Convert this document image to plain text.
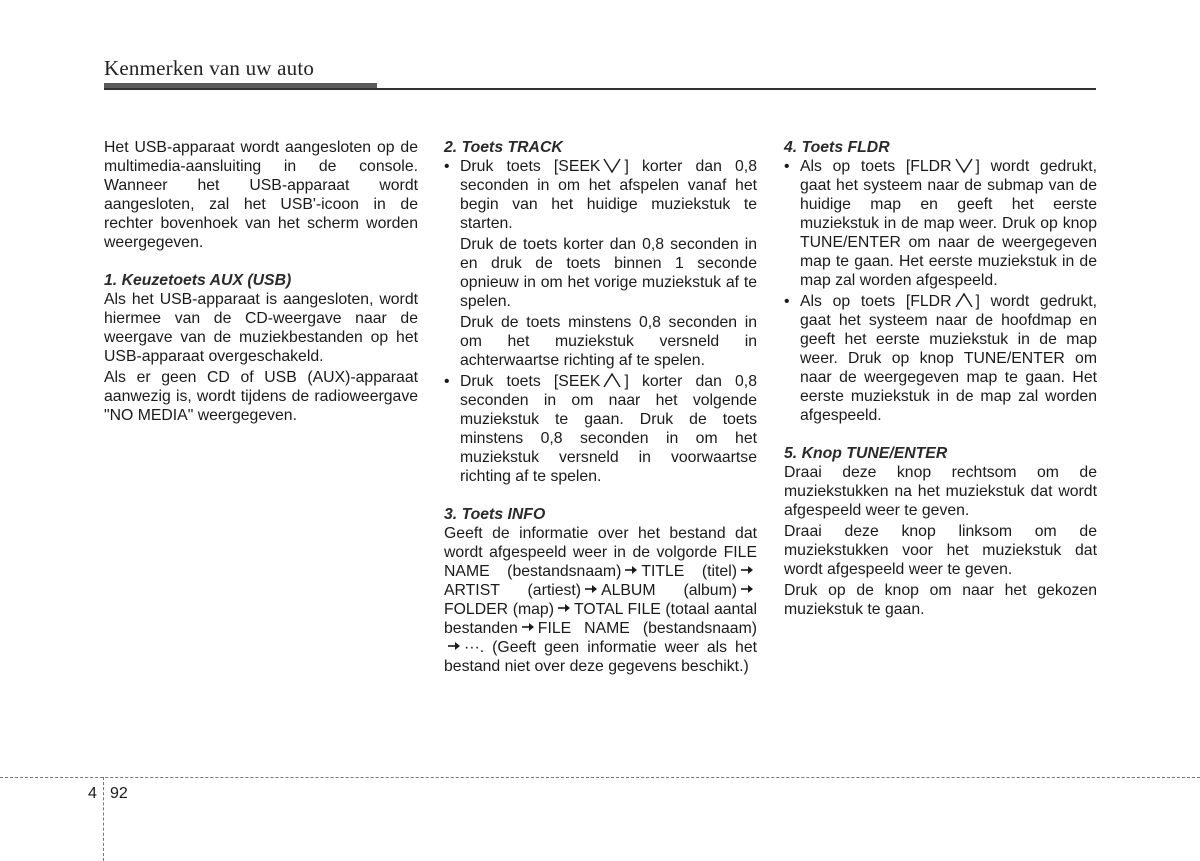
Kenmerken van uw auto

Het USB-apparaat wordt aangesloten op de multimedia-aansluiting in de console. Wanneer het USB-apparaat wordt aangesloten, zal het USB'-icoon in de rechter bovenhoek van het scherm worden weergegeven.

1. Keuzetoets AUX (USB)

Als het USB-apparaat is aangesloten, wordt hiermee van de CD-weergave naar de weergave van de muziekbestanden op het USB-apparaat overgeschakeld.

Als er geen CD of USB (AUX)-apparaat aanwezig is, wordt tijdens de radioweergave "NO MEDIA" weergegeven.

2. Toets TRACK

• Druk toets [SEEK ] korter dan 0,8 seconden in om het afspelen vanaf het begin van het huidige muziekstuk te starten.

Druk de toets korter dan 0,8 seconden in en druk de toets binnen 1 seconde opnieuw in om het vorige muziekstuk af te spelen.

Druk de toets minstens 0,8 seconden in om het muziekstuk versneld in achterwaartse richting af te spelen.

• Druk toets [SEEK ] korter dan 0,8 seconden in om naar het volgende muziekstuk te gaan. Druk de toets minstens 0,8 seconden in om het muziekstuk versneld in voorwaartse richting af te spelen.

3. Toets INFO

Geeft de informatie over het bestand dat wordt afgespeeld weer in de volgorde FILE NAME (bestandsnaam) TITLE (titel)ARTIST (artiest) ALBUM (album)FOLDER (map) TOTAL FILE (totaal aantal bestanden FILE NAME (bestandsnaam)···. (Geeft geen informatie weer als het bestand niet over deze gegevens beschikt.)

4. Toets FLDR

• Als op toets [FLDR ] wordt gedrukt, gaat het systeem naar de submap van de huidige map en geeft het eerste muziekstuk in de map weer. Druk op knop TUNE/ENTER om naar de weergegeven map te gaan. Het eerste muziekstuk in de map zal worden afgespeeld.

• Als op toets [FLDR ] wordt gedrukt, gaat het systeem naar de hoofdmap en geeft het eerste muziekstuk in de map weer. Druk op knop TUNE/ENTER om naar de weergegeven map te gaan. Het eerste muziekstuk in de map zal worden afgespeeld.

5. Knop TUNE/ENTER

Draai deze knop rechtsom om de muziekstukken na het muziekstuk dat wordt afgespeeld weer te geven.

Draai deze knop linksom om de muziekstukken voor het muziekstuk dat wordt afgespeeld weer te geven.

Druk op de knop om naar het gekozen muziekstuk te gaan.

4 92
